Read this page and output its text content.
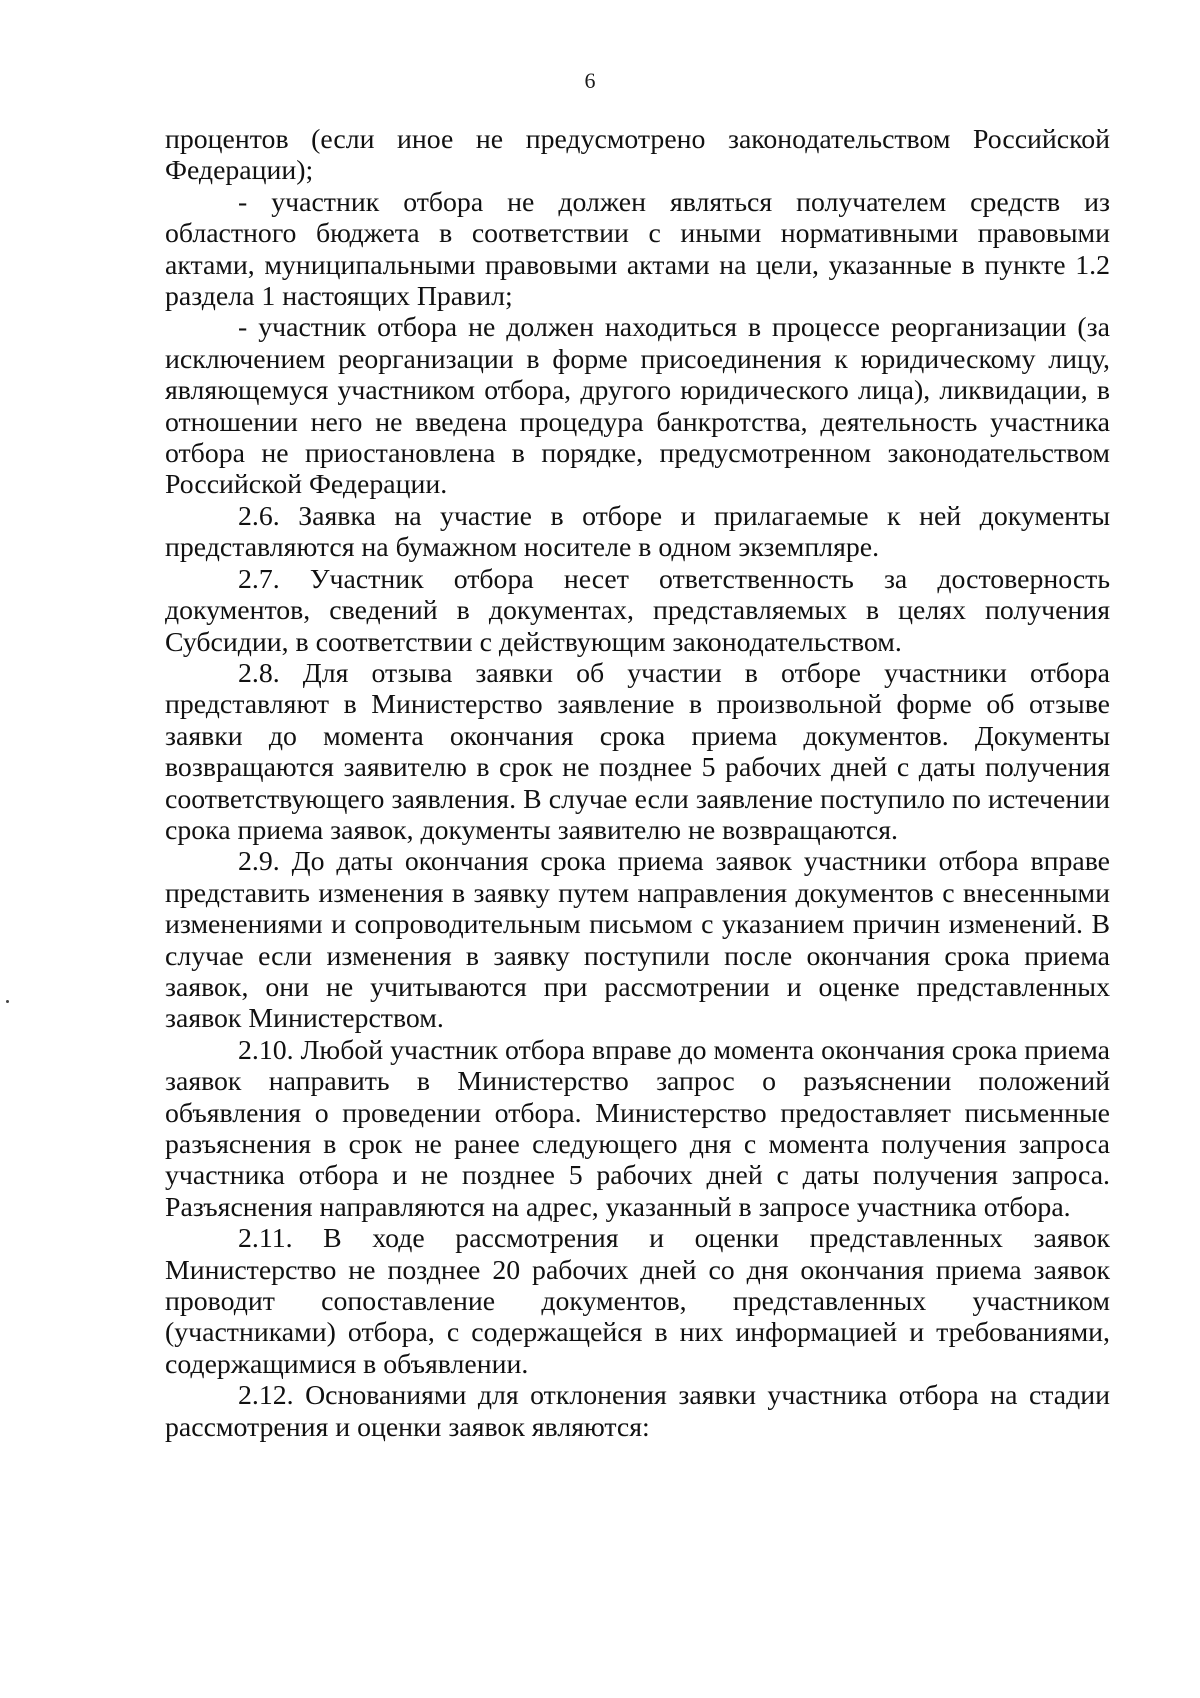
6

процентов (если иное не предусмотрено законодательством Российской Федерации);

- участник отбора не должен являться получателем средств из областного бюджета в соответствии с иными нормативными правовыми актами, муниципальными правовыми актами на цели, указанные в пункте 1.2 раздела 1 настоящих Правил;

- участник отбора не должен находиться в процессе реорганизации (за исключением реорганизации в форме присоединения к юридическому лицу, являющемуся участником отбора, другого юридического лица), ликвидации, в отношении него не введена процедура банкротства, деятельность участника отбора не приостановлена в порядке, предусмотренном законодательством Российской Федерации.

2.6. Заявка на участие в отборе и прилагаемые к ней документы представляются на бумажном носителе в одном экземпляре.

2.7. Участник отбора несет ответственность за достоверность документов, сведений в документах, представляемых в целях получения Субсидии, в соответствии с действующим законодательством.

2.8. Для отзыва заявки об участии в отборе участники отбора представляют в Министерство заявление в произвольной форме об отзыве заявки до момента окончания срока приема документов. Документы возвращаются заявителю в срок не позднее 5 рабочих дней с даты получения соответствующего заявления. В случае если заявление поступило по истечении срока приема заявок, документы заявителю не возвращаются.

2.9. До даты окончания срока приема заявок участники отбора вправе представить изменения в заявку путем направления документов с внесенными изменениями и сопроводительным письмом с указанием причин изменений. В случае если изменения в заявку поступили после окончания срока приема заявок, они не учитываются при рассмотрении и оценке представленных заявок Министерством.

2.10. Любой участник отбора вправе до момента окончания срока приема заявок направить в Министерство запрос о разъяснении положений объявления о проведении отбора. Министерство предоставляет письменные разъяснения в срок не ранее следующего дня с момента получения запроса участника отбора и не позднее 5 рабочих дней с даты получения запроса. Разъяснения направляются на адрес, указанный в запросе участника отбора.

2.11. В ходе рассмотрения и оценки представленных заявок Министерство не позднее 20 рабочих дней со дня окончания приема заявок проводит сопоставление документов, представленных участником (участниками) отбора, с содержащейся в них информацией и требованиями, содержащимися в объявлении.

2.12. Основаниями для отклонения заявки участника отбора на стадии рассмотрения и оценки заявок являются:
